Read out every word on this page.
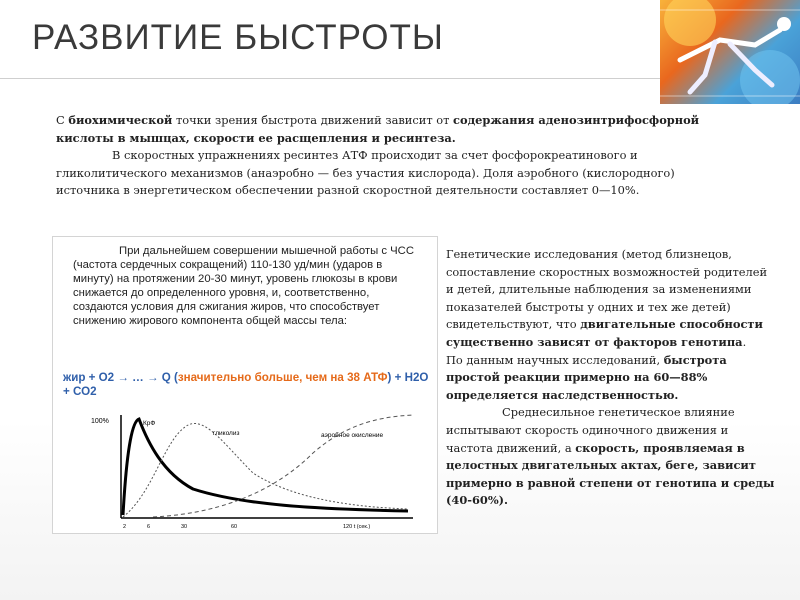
РАЗВИТИЕ БЫСТРОТЫ

С биохимической точки зрения быстрота движений зависит от содержания аденозинтрифосфорной кислоты в мышцах, скорости ее расщепления и ресинтеза.

В скоростных упражнениях ресинтез АТФ происходит за счет фосфорокреатинового и гликолитического механизмов (анаэробно — без участия кислорода). Доля аэробного (кислородного) источника в энергетическом обеспечении разной скоростной деятельности составляет 0—10%.

При дальнейшем совершении мышечной работы с ЧСС (частота сердечных сокращений) 110-130 уд/мин (ударов в минуту) на протяжении 20-30 минут, уровень глюкозы в крови снижается до определенного уровня, и, соответственно, создаются условия для сжигания жиров, что способствует снижению жирового компонента общей массы тела:
жир + О2 → … → Q (значительно больше, чем на 38 АТФ) + Н2О + СО2
100%	КрФ
гликолиз	аэробное окисление
2	6	30	60	120 t (сек.)

Генетические исследования (метод близнецов, сопоставление скоростных возможностей родителей и детей, длительные наблюдения за изменениями показателей быстроты у одних и тех же детей) свидетельствуют, что двигательные способности существенно зависят от факторов генотипа.

По данным научных исследований, быстрота простой реакции примерно на 60—88% определяется наследственностью.

Среднесильное генетическое влияние испытывают скорость одиночного движения и частота движений, а скорость, проявляемая в целостных двигательных актах, беге, зависит примерно в равной степени от генотипа и среды (40-60%).
